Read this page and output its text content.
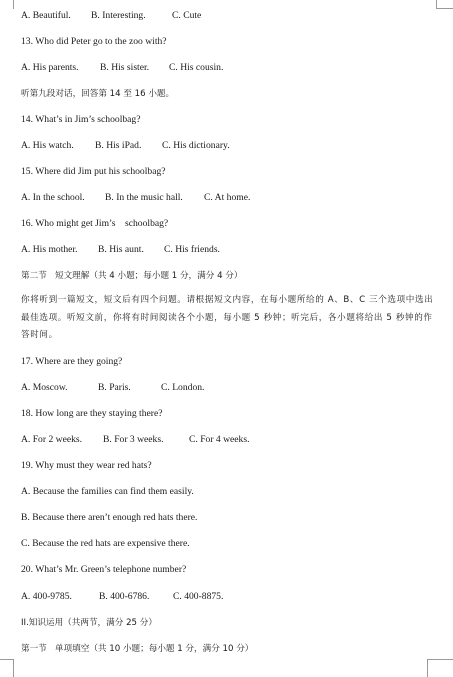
A. Beautiful. B. Interesting.	C. Cute
13. Who did Peter go to the zoo with?
A. His parents. B. His sister. C. His cousin.
听第九段对话，回答第 14 至 16 小题。
14. What’s in Jim’s schoolbag?
A. His watch. B. His iPad. C. His dictionary.
15. Where did Jim put his schoolbag?
A. In the school. B. In the music hall. C. At home.
16. Who might get Jim’s    schoolbag?
A. His mother. B. His aunt. C. His friends.
第二节   短文理解（共 4 小题；每小题 1 分，满分 4 分）
你将听到一篇短文，短文后有四个问题。请根据短文内容，在每小题所给的 A、B、C 三个选项中选出最佳选项。听短文前，你将有时间阅读各个小题，每小题 5 秒钟；听完后，各小题将给出 5 秒钟的作答时间。
17. Where are they going?
A. Moscow.	B. Paris.	C. London.
18. How long are they staying there?
A. For 2 weeks. B. For 3 weeks.	C. For 4 weeks.
19. Why must they wear red hats?
A. Because the families can find them easily.
B. Because there aren’t enough red hats there.
C. Because the red hats are expensive there.
20. What’s Mr. Green’s telephone number?
A. 400-9785.	B. 400-6786. C. 400-8875.
II.知识运用（共两节，满分 25 分）
第一节   单项填空（共 10 小题；每小题 1 分，满分 10 分）
